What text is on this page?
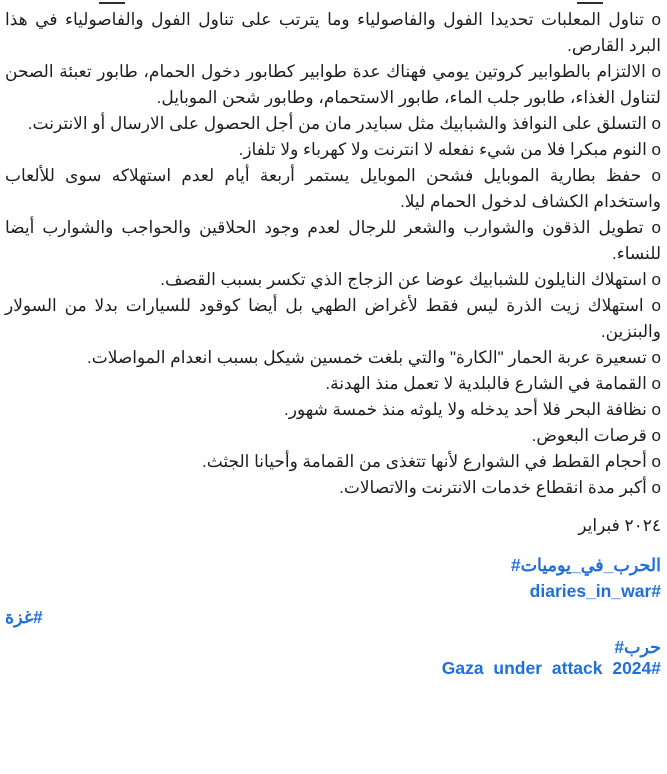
o تناول المعلبات تحديدا الفول والفاصولياء وما يترتب على تناول الفول والفاصولياء في هذا البرد القارص.

o الالتزام بالطوابير كروتين يومي فهناك عدة طوابير كطابور دخول الحمام، طابور تعبئة الصحن لتناول الغذاء، طابور جلب الماء، طابور الاستحمام، وطابور شحن الموبايل.

o التسلق على النوافذ والشبابيك مثل سبايدر مان من أجل الحصول على الارسال أو الانترنت.

o النوم مبكرا فلا من شيء نفعله لا انترنت ولا كهرباء ولا تلفاز.

o حفظ بطارية الموبايل فشحن الموبايل يستمر أربعة أيام لعدم استهلاكه سوى للألعاب واستخدام الكشاف لدخول الحمام ليلا.

o تطويل الذقون والشوارب والشعر للرجال لعدم وجود الحلاقين والحواجب والشوارب أيضا للنساء.

o استهلاك النايلون للشبابيك عوضا عن الزجاج الذي تكسر بسبب القصف.

o استهلاك زيت الذرة ليس فقط لأغراض الطهي بل أيضا كوقود للسيارات بدلا من السولار والبنزين.

o تسعيرة عربة الحمار "الكارة" والتي بلغت خمسين شيكل بسبب انعدام المواصلات.

o القمامة في الشارع فالبلدية لا تعمل منذ الهدنة.

o نظافة البحر فلا أحد يدخله ولا يلوثه منذ خمسة شهور.

o قرصات البعوض.

o أحجام القطط في الشوارع لأنها تتغذى من القمامة وأحيانا الجثث.

o أكبر مدة انقطاع خدمات الانترنت والاتصالات.

فبراير ٢٠٢٤
#يوميات_في_الحرب
diaries_in_war#
غزة#
#حرب
Gaza under attack 2024#
